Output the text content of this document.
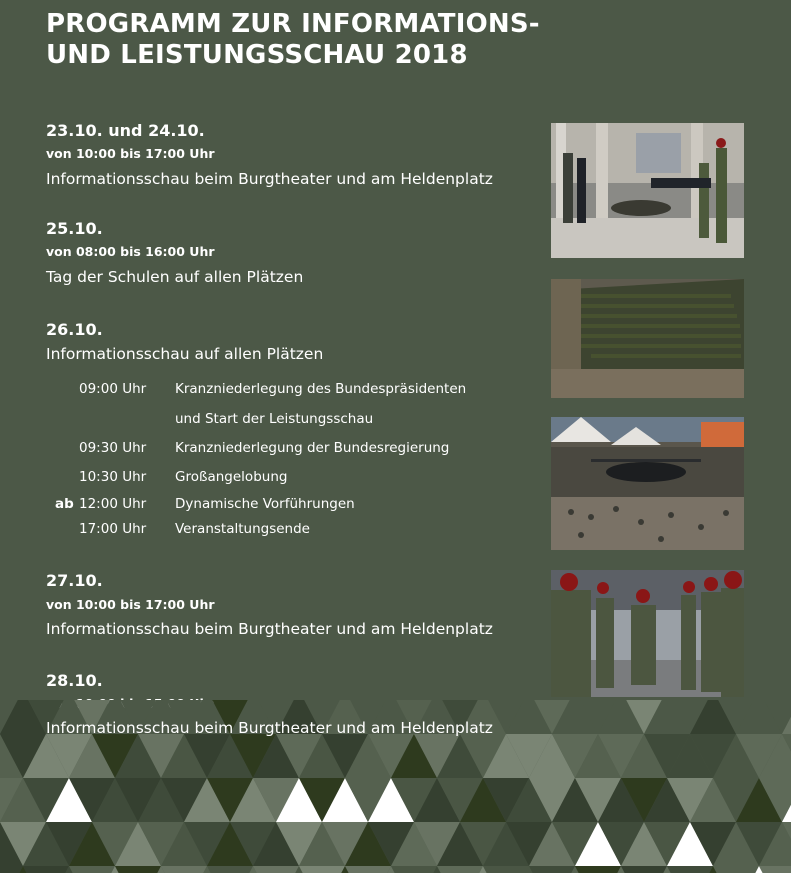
PROGRAMM ZUR INFORMATIONS-
UND LEISTUNGSSCHAU 2018
23.10. und 24.10.
von 10:00 bis 17:00 Uhr
Informationsschau beim Burgtheater und am Heldenplatz
25.10.
von 08:00 bis 16:00 Uhr
Tag der Schulen auf allen Plätzen
26.10.
Informationsschau auf allen Plätzen
09:00 Uhr Kranzniederlegung des Bundespräsidenten
und Start der Leistungsschau
09:30 Uhr Kranzniederlegung der Bundesregierung
10:30 Uhr Großangelobung
ab 12:00 Uhr Dynamische Vorführungen
17:00 Uhr Veranstaltungsende
27.10.
von 10:00 bis 17:00 Uhr
Informationsschau beim Burgtheater und am Heldenplatz
28.10.
Informationsschau beim Burgtheater und am Heldenplatz
